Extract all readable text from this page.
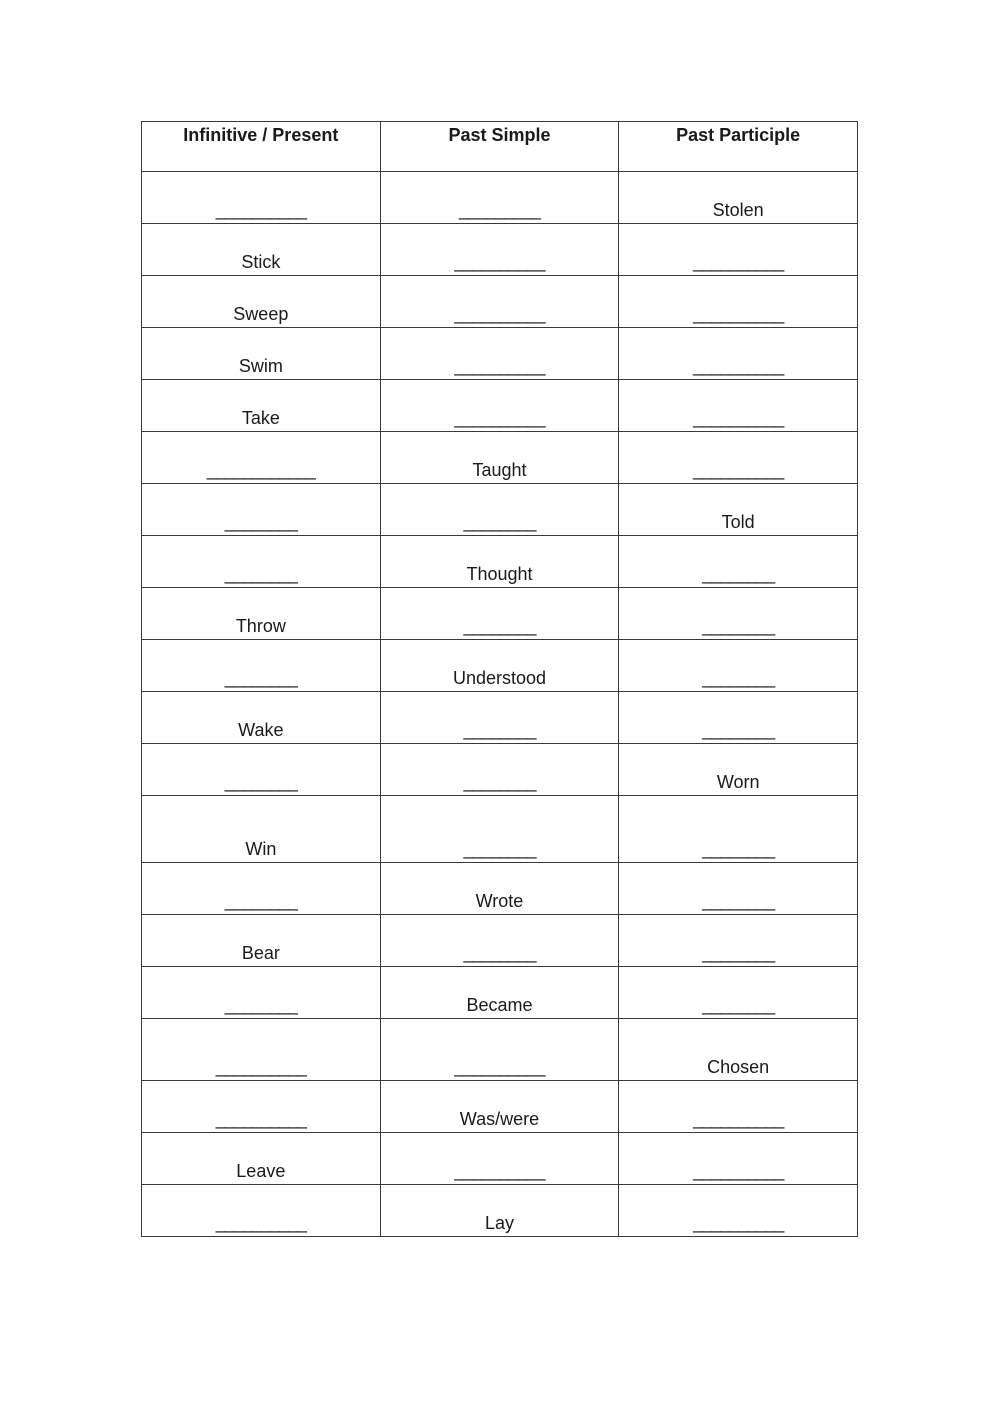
Infinitive / Present	Past Simple	Past Participle
__________	_________	Stolen
Stick	__________	__________
Sweep	__________	__________
Swim	__________	__________
Take	__________	__________
____________	Taught	__________
________	________	Told
________	Thought	________
Throw	________	________
________	Understood	________
Wake	________	________
________	________	Worn
Win	________	________
________	Wrote	________
Bear	________	________
________	Became	________
__________	__________	Chosen
__________	Was/were	__________
Leave	__________	__________
__________	Lay	__________
